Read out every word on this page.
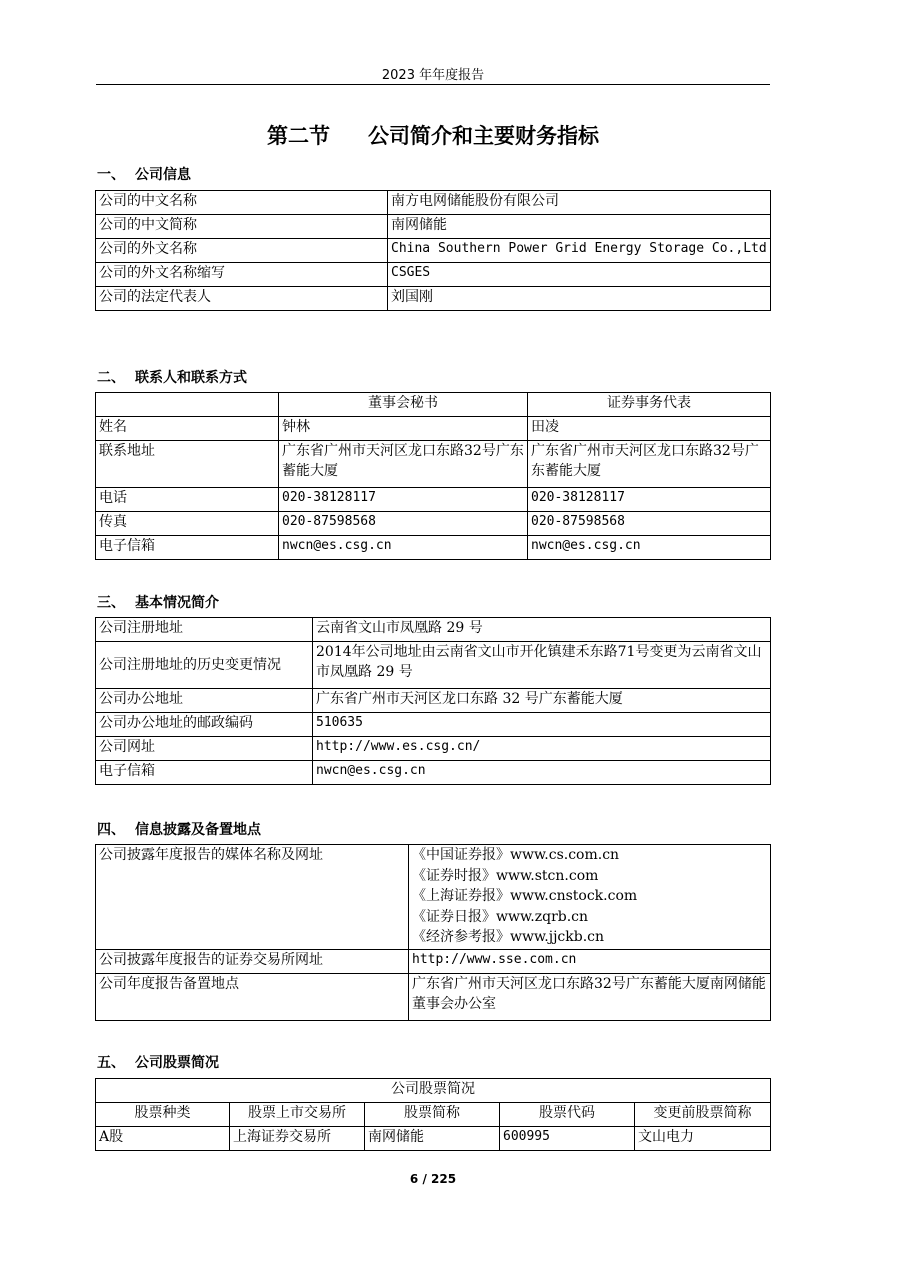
2023 年年度报告
第二节 公司简介和主要财务指标
一、 公司信息
公司的中文名称	南方电网储能股份有限公司
公司的中文简称	南网储能
公司的外文名称	China Southern Power Grid Energy Storage Co.,Ltd
公司的外文名称缩写	CSGES
公司的法定代表人	刘国刚
二、 联系人和联系方式
	董事会秘书	证券事务代表
姓名	钟林	田凌
联系地址	广东省广州市天河区龙口东路32号广东蓄能大厦	广东省广州市天河区龙口东路32号广东蓄能大厦
电话	020-38128117	020-38128117
传真	020-87598568	020-87598568
电子信箱	nwcn@es.csg.cn	nwcn@es.csg.cn
三、 基本情况简介
公司注册地址	云南省文山市凤凰路 29 号
公司注册地址的历史变更情况	2014年公司地址由云南省文山市开化镇建禾东路71号变更为云南省文山市凤凰路 29 号
公司办公地址	广东省广州市天河区龙口东路 32 号广东蓄能大厦
公司办公地址的邮政编码	510635
公司网址	http://www.es.csg.cn/
电子信箱	nwcn@es.csg.cn
四、 信息披露及备置地点
公司披露年度报告的媒体名称及网址	《中国证券报》www.cs.com.cn
《证券时报》www.stcn.com
《上海证券报》www.cnstock.com
《证券日报》www.zqrb.cn
《经济参考报》www.jjckb.cn

公司披露年度报告的证券交易所网址	http://www.sse.com.cn
公司年度报告备置地点	广东省广州市天河区龙口东路32号广东蓄能大厦南网储能董事会办公室
五、 公司股票简况
公司股票简况				
股票种类	股票上市交易所	股票简称	股票代码	变更前股票简称
A股	上海证券交易所	南网储能	600995	文山电力
6 / 225
